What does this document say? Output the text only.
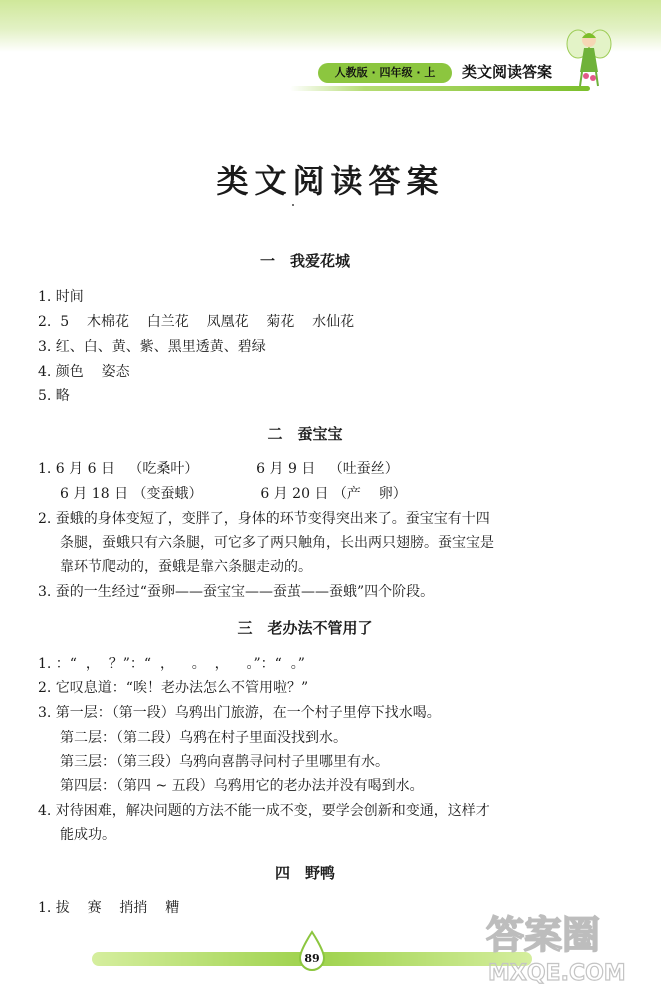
人教版 · 四年级 · 上	类文阅读答案
类文阅读答案
一　我爱花城
1. 时间
2.  5    木棉花    白兰花    凤凰花    菊花    水仙花
3. 红、白、黄、紫、黑里透黄、碧绿
4. 颜色    姿态
5. 略
二　蚕宝宝
1. 6 月 6 日   （吃桑叶）             6 月 9 日   （吐蚕丝）
6 月 18 日 （变蚕蛾）             6 月 20 日 （产    卵）
2. 蚕蛾的身体变短了，变胖了，身体的环节变得突出来了。蚕宝宝有十四
条腿，蚕蛾只有六条腿，可它多了两只触角，长出两只翅膀。蚕宝宝是
靠环节爬动的，蚕蛾是靠六条腿走动的。
3. 蚕的一生经过“蚕卵——蚕宝宝——蚕茧——蚕蛾”四个阶段。
三　老办法不管用了
1. ：“  ，  ？”：“  ，    。  ，    。”：“  。”
2. 它叹息道：“唉！老办法怎么不管用啦？”
3. 第一层：（第一段）乌鸦出门旅游，在一个村子里停下找水喝。
第二层：（第二段）乌鸦在村子里面没找到水。
第三层：（第三段）乌鸦向喜鹊寻问村子里哪里有水。
第四层：（第四 ~ 五段）乌鸦用它的老办法并没有喝到水。
4. 对待困难，解决问题的方法不能一成不变，要学会创新和变通，这样才
能成功。
四　野鸭
1. 拔    赛    捎捎    糟
89
答案圈
MXQE.COM
